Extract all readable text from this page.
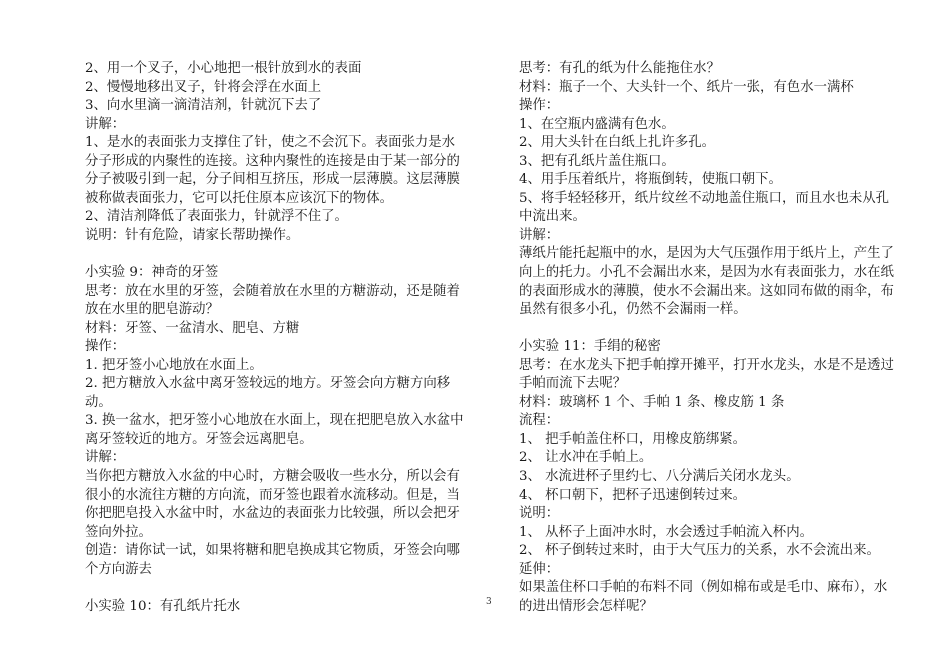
2、用一个叉子，小心地把一根针放到水的表面
2、慢慢地移出叉子，针将会浮在水面上
3、向水里滴一滴清洁剂，针就沉下去了
讲解：
1、是水的表面张力支撑住了针，使之不会沉下。表面张力是水
分子形成的内聚性的连接。这种内聚性的连接是由于某一部分的
分子被吸引到一起，分子间相互挤压，形成一层薄膜。这层薄膜
被称做表面张力，它可以托住原本应该沉下的物体。
2、清洁剂降低了表面张力，针就浮不住了。
说明：针有危险，请家长帮助操作。
小实验 9：神奇的牙签
思考：放在水里的牙签，会随着放在水里的方糖游动，还是随着
放在水里的肥皂游动？
材料：牙签、一盆清水、肥皂、方糖
操作：
1. 把牙签小心地放在水面上。
2. 把方糖放入水盆中离牙签较远的地方。牙签会向方糖方向移
动。
3. 换一盆水，把牙签小心地放在水面上，现在把肥皂放入水盆中
离牙签较近的地方。牙签会远离肥皂。
讲解：
当你把方糖放入水盆的中心时，方糖会吸收一些水分，所以会有
很小的水流往方糖的方向流，而牙签也跟着水流移动。但是，当
你把肥皂投入水盆中时，水盆边的表面张力比较强，所以会把牙
签向外拉。
创造：请你试一试，如果将糖和肥皂换成其它物质，牙签会向哪
个方向游去
小实验 10：有孔纸片托水
思考：有孔的纸为什么能拖住水？
材料：瓶子一个、大头针一个、纸片一张，有色水一满杯
操作：
1、在空瓶内盛满有色水。
2、用大头针在白纸上扎许多孔。
3、把有孔纸片盖住瓶口。
4、用手压着纸片，将瓶倒转，使瓶口朝下。
5、将手轻轻移开，纸片纹丝不动地盖住瓶口，而且水也未从孔
中流出来。
讲解：
薄纸片能托起瓶中的水，是因为大气压强作用于纸片上，产生了
向上的托力。小孔不会漏出水来，是因为水有表面张力，水在纸
的表面形成水的薄膜，使水不会漏出来。这如同布做的雨伞，布
虽然有很多小孔，仍然不会漏雨一样。
小实验 11：手绢的秘密
思考：在水龙头下把手帕撑开摊平，打开水龙头，水是不是透过
手帕而流下去呢？
材料：玻璃杯 1 个、手帕 1 条、橡皮筋 1 条
流程：
1、 把手帕盖住杯口，用橡皮筋绑紧。
2、 让水冲在手帕上。
3、 水流进杯子里约七、八分满后关闭水龙头。
4、 杯口朝下，把杯子迅速倒转过来。
说明：
1、 从杯子上面冲水时，水会透过手帕流入杯内。
2、 杯子倒转过来时，由于大气压力的关系，水不会流出来。
延伸：
如果盖住杯口手帕的布料不同（例如棉布或是毛巾、麻布），水
的进出情形会怎样呢？
3
